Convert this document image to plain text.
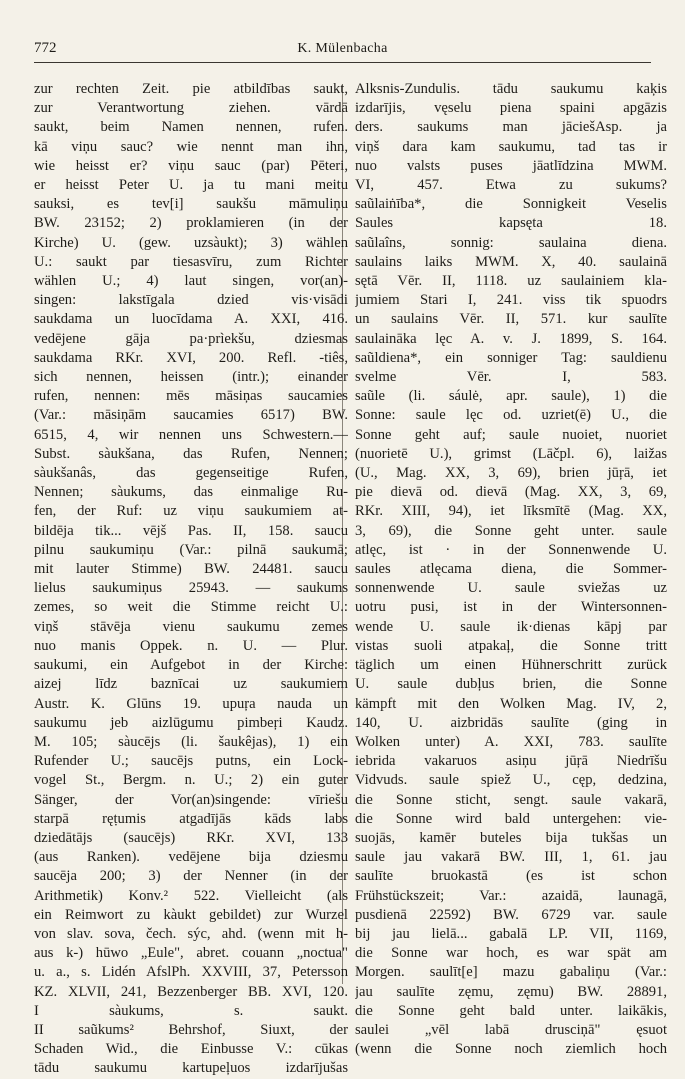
772	K. Mülenbacha
zur rechten Zeit. pie atbildības saukt,
zur Verantwortung ziehen. vārdā
saukt, beim Namen nennen, rufen.
kā viņu sauc? wie nennt man ihn,
wie heisst er? viņu sauc (par) Pēteri,
er heisst Peter U. ja tu mani meitu
sauksi, es tev[i] saukšu māmuliņu
BW. 23152; 2) proklamieren (in der
Kirche) U. (gew. uzsàukt); 3) wählen
U.: saukt par tiesasvīru, zum Richter
wählen U.; 4) laut singen, vor(an)-
singen: lakstīgala dzied vis·visādi
saukdama un luocīdama A. XXI, 416.
vedējene gāja pa·prìekšu, dziesmas
saukdama RKr. XVI, 200. Refl. -tiês,
sich nennen, heissen (intr.); einander
rufen, nennen: mēs māsiņas saucamies
(Var.: māsiņām saucamies 6517) BW.
6515, 4, wir nennen uns Schwestern.—
Subst. sàukšana, das Rufen, Nennen;
sàukšanâs, das gegenseitige Rufen,
Nennen; sàukums, das einmalige Ru-
fen, der Ruf: uz viņu saukumiem at-
bildēja tik... vējš Pas. II, 158. saucu
pilnu saukumiņu (Var.: pilnā saukumā;
mit lauter Stimme) BW. 24481. saucu
lielus saukumiņus 25943. — saukums
zemes, so weit die Stimme reicht U.:
viņš stāvēja vienu saukumu zemes
nuo manis Oppek. n. U. — Plur.
saukumi, ein Aufgebot in der Kirche:
aizej līdz baznīcai uz saukumiem
Austr. K. Glūns 19. upuŗa nauda un
saukumu jeb aizlūgumu pimbeŗi Kaudz.
M. 105; sàucējs (li. šaukêjas), 1) ein
Rufender U.; saucējs putns, ein Lock-
vogel St., Bergm. n. U.; 2) ein guter
Sänger, der Vor(an)singende: vīriešu
starpā ręṭumis atgadījās kāds labs
dziedātājs (saucējs) RKr. XVI, 133
(aus Ranken). vedējene bija dziesmu
saucēja 200; 3) der Nenner (in der
Arithmetik) Konv.² 522. Vielleicht (als
ein Reimwort zu kàukt gebildet) zur Wurzel
von slav. sova, čech. sýc, ahd. (wenn mit h-
aus k-) hūwo „Eule", abret. couann „noctua"
u. a., s. Lidén AfslPh. XXVIII, 37, Petersson
KZ. XLVII, 241, Bezzenberger BB. XVI, 120.
I sàukums, s. saukt.
II saũkums² Behrshof, Siuxt, der
Schaden Wid., die Einbusse V.: cūkas
tādu saukumu kartupeļuos izdarījušas
Alksnis-Zundulis. tādu saukumu kaķis
izdarījis, vęselu piena spaini apgāzis
ders. saukums man jāciešAsp. ja
viņš dara kam saukumu, tad tas ir
nuo valsts puses jāatlīdzina MWM.
VI, 457. Etwa zu sukums?
saũlaiṅība*, die Sonnigkeit Veselis
Saules kapsęta 18.
saũlaîns, sonnig: saulaina diena.
saulains laiks MWM. X, 40. saulainā
sętā Vēr. II, 1118. uz saulainiem kla-
jumiem Stari I, 241. viss tik spuodrs
un saulains Vēr. II, 571. kur saulīte
saulaināka lęc A. v. J. 1899, S. 164.
saũldiena*, ein sonniger Tag: sauldienu
svelme Vēr. I, 583.
saũle (li. sáulė, apr. saule), 1) die
Sonne: saule lęc od. uzriet(ē) U., die
Sonne geht auf; saule nuoiet, nuoriet
(nuorietē U.), grimst (Lāčpl. 6), laižas
(U., Mag. XX, 3, 69), brien jūŗā, iet
pie dievā od. dievā (Mag. XX, 3, 69,
RKr. XIII, 94), iet līksmītē (Mag. XX,
3, 69), die Sonne geht unter. saule
atlęc, ist · in der Sonnenwende U.
saules atlęcama diena, die Sommer-
sonnenwende U. saule sviežas uz
uotru pusi, ist in der Wintersonnen-
wende U. saule ik·dienas kāpj par
vistas suoli atpakaļ, die Sonne tritt
täglich um einen Hühnerschritt zurück
U. saule dubļus brien, die Sonne
kämpft mit den Wolken Mag. IV, 2,
140, U. aizbridās saulīte (ging in
Wolken unter) A. XXI, 783. saulīte
iebrida vakaruos asiņu jūŗā Niedrīšu
Vidvuds. saule spiež U., cęp, dedzina,
die Sonne sticht, sengt. saule vakarā,
die Sonne wird bald untergehen: vie-
suojās, kamēr buteles bija tukšas un
saule jau vakarā BW. III, 1, 61. jau
saulīte bruokastā (es ist schon
Frühstückszeit; Var.: azaidā, launagā,
pusdienā 22592) BW. 6729 var. saule
bij jau lielā... gabalā LP. VII, 1169,
die Sonne war hoch, es war spät am
Morgen. saulīt[e] mazu gabaliņu (Var.:
jau saulīte zęmu, zęmu) BW. 28891,
die Sonne geht bald unter. laikākis,
saulei „vēl labā drusciņā" ęsuot
(wenn die Sonne noch ziemlich hoch
